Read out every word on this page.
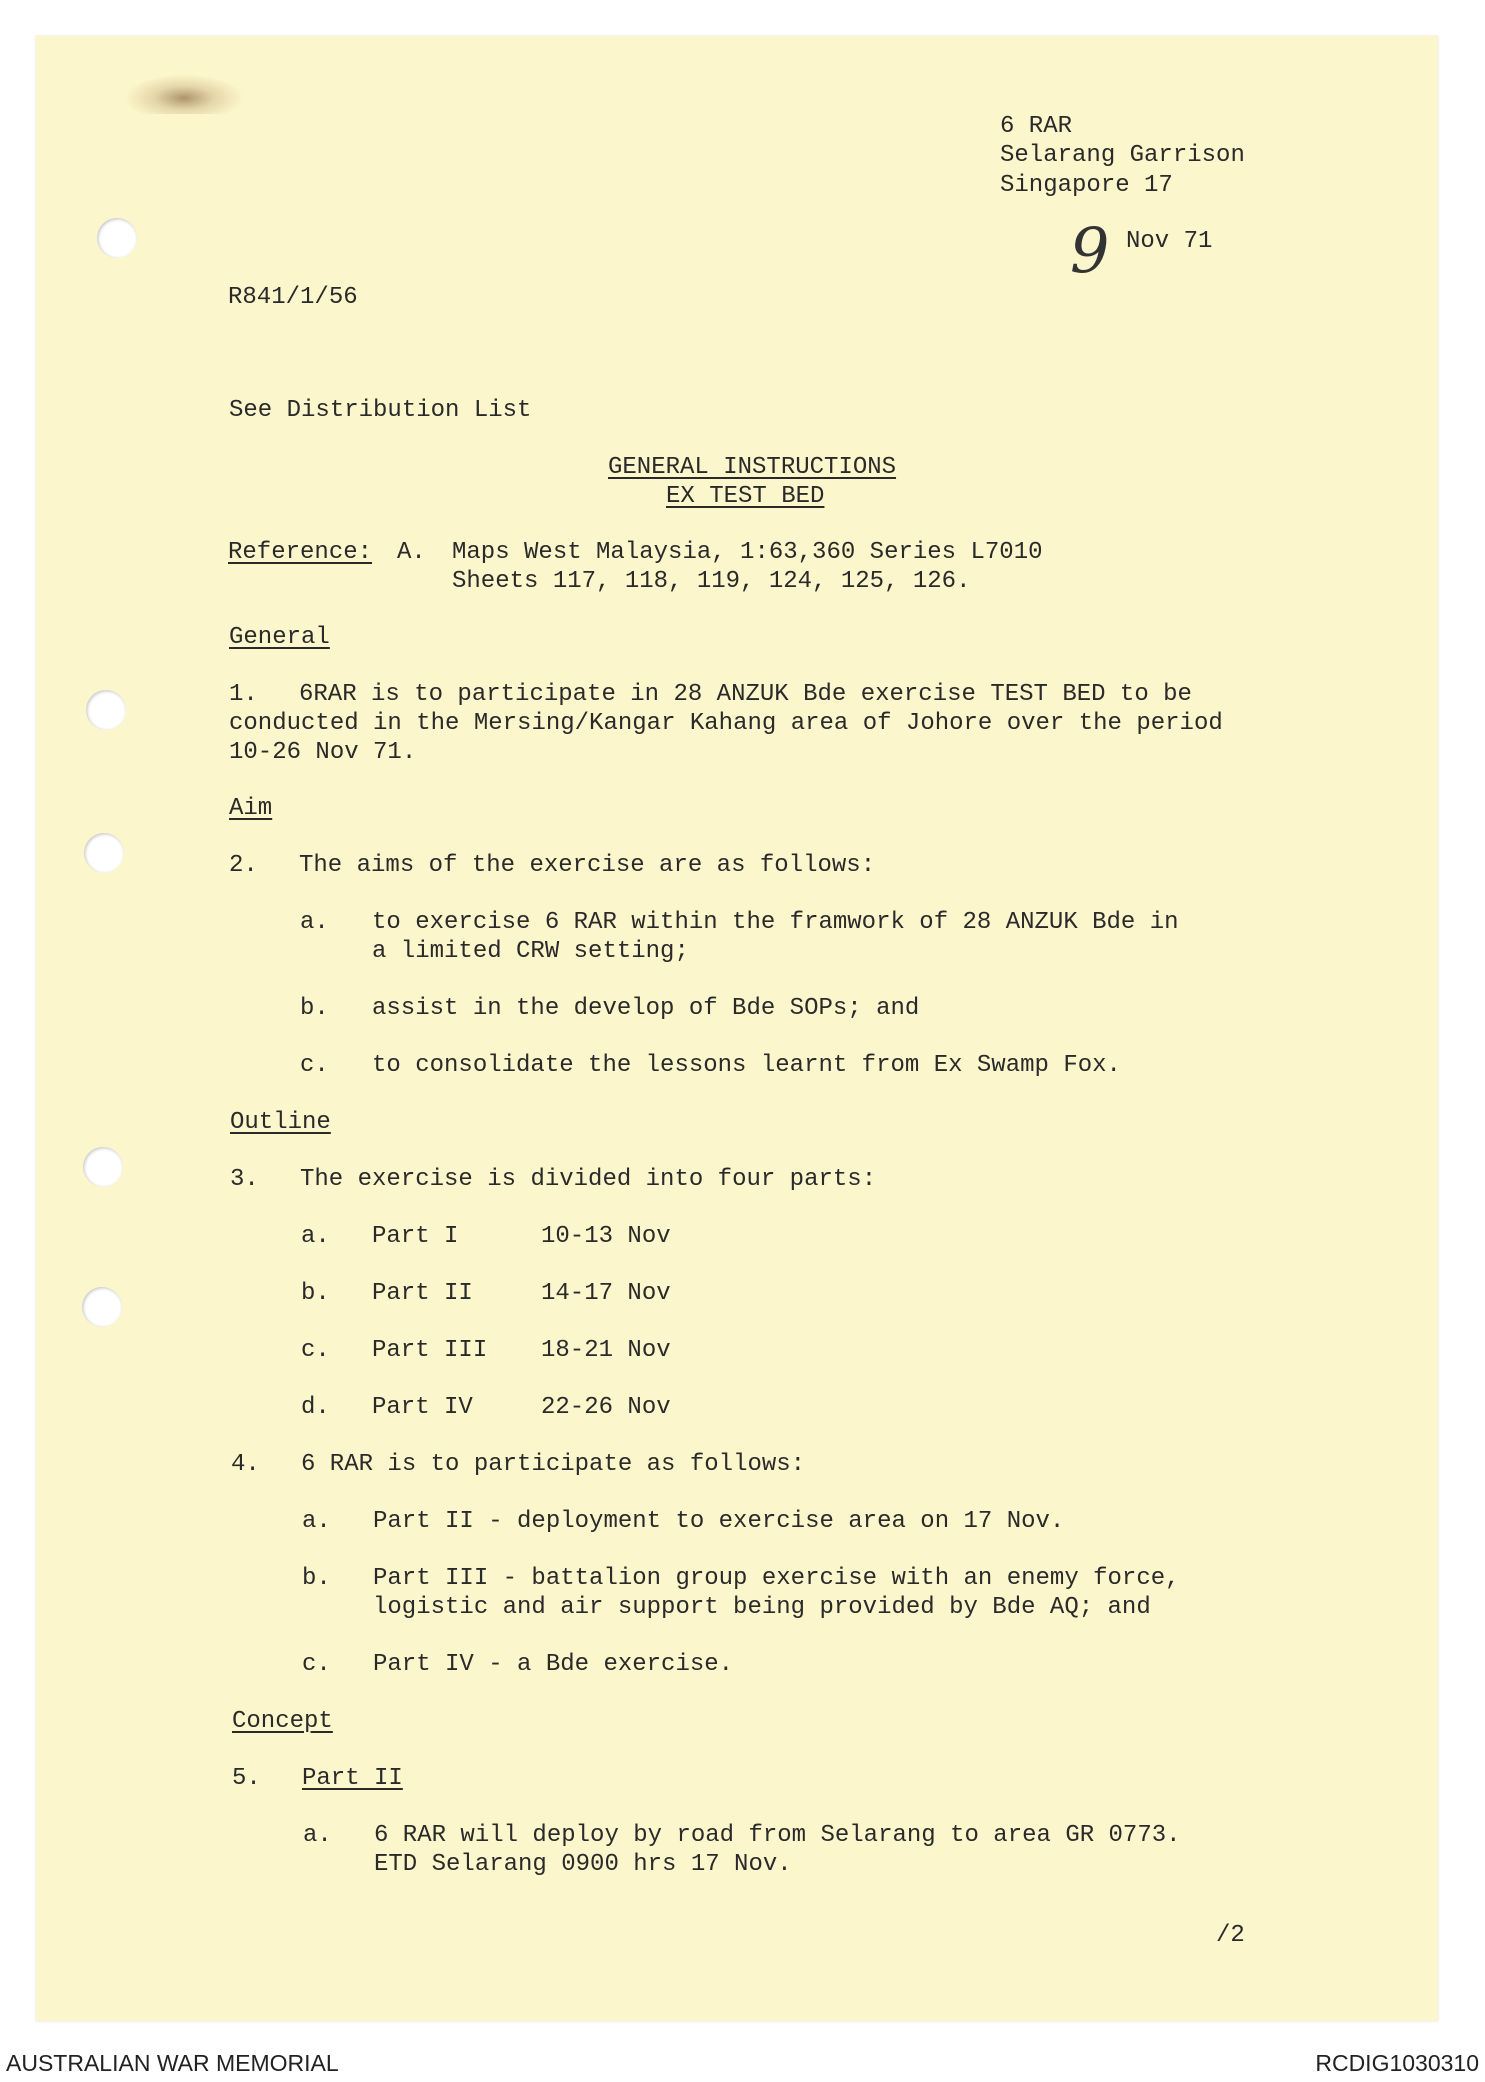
6 RAR
Selarang Garrison
Singapore 17
9 Nov 71
R841/1/56
See Distribution List
GENERAL INSTRUCTIONS
EX TEST BED
Reference: A. Maps West Malaysia, 1:63,360 Series L7010
Sheets 117, 118, 119, 124, 125, 126.
General
1. 6RAR is to participate in 28 ANZUK Bde exercise TEST BED to be
conducted in the Mersing/Kangar Kahang area of Johore over the period
10-26 Nov 71.
Aim
2. The aims of the exercise are as follows:
a. to exercise 6 RAR within the framwork of 28 ANZUK Bde in
a limited CRW setting;
b. assist in the develop of Bde SOPs; and
c. to consolidate the lessons learnt from Ex Swamp Fox.
Outline
3. The exercise is divided into four parts:
a. Part I	10-13 Nov
b. Part II	14-17 Nov
c. Part III 18-21 Nov
d. Part IV	22-26 Nov
4. 6 RAR is to participate as follows:
a. Part II - deployment to exercise area on 17 Nov.
b. Part III - battalion group exercise with an enemy force,
logistic and air support being provided by Bde AQ; and
c. Part IV - a Bde exercise.
Concept
5. Part II
a. 6 RAR will deploy by road from Selarang to area GR 0773.
ETD Selarang 0900 hrs 17 Nov.
/2
AUSTRALIAN WAR MEMORIAL	RCDIG1030310
